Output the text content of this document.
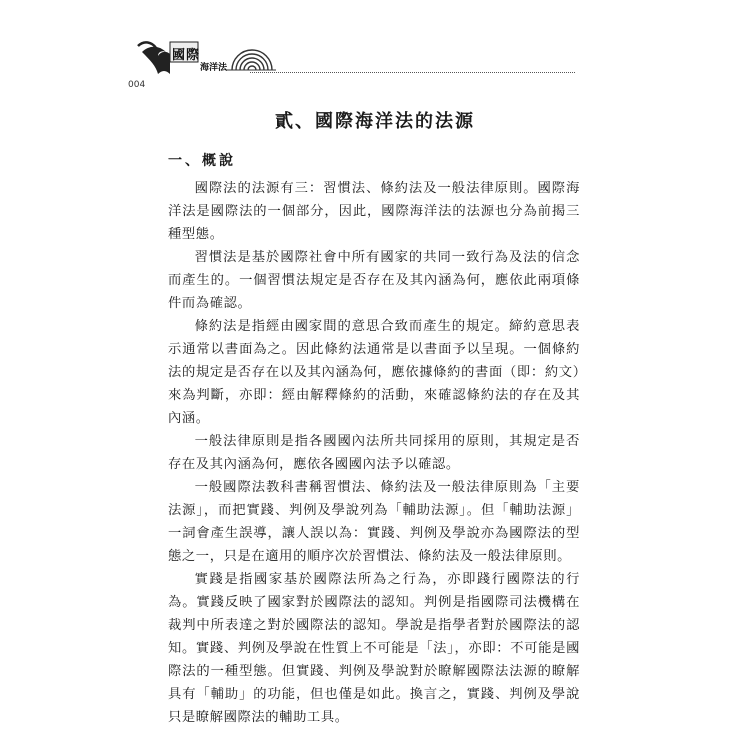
國際
海洋法
004
貳、國際海洋法的法源
一、概說

國際法的法源有三：習慣法、條約法及一般法律原則。國際海洋法是國際法的一個部分，因此，國際海洋法的法源也分為前揭三種型態。

習慣法是基於國際社會中所有國家的共同一致行為及法的信念而產生的。一個習慣法規定是否存在及其內涵為何，應依此兩項條件而為確認。

條約法是指經由國家間的意思合致而產生的規定。締約意思表示通常以書面為之。因此條約法通常是以書面予以呈現。一個條約法的規定是否存在以及其內涵為何，應依據條約的書面（即：約文）來為判斷，亦即：經由解釋條約的活動，來確認條約法的存在及其內涵。

一般法律原則是指各國國內法所共同採用的原則，其規定是否存在及其內涵為何，應依各國國內法予以確認。

一般國際法教科書稱習慣法、條約法及一般法律原則為「主要法源」，而把實踐、判例及學說列為「輔助法源」。但「輔助法源」一詞會產生誤導，讓人誤以為：實踐、判例及學說亦為國際法的型態之一，只是在適用的順序次於習慣法、條約法及一般法律原則。

實踐是指國家基於國際法所為之行為，亦即踐行國際法的行為。實踐反映了國家對於國際法的認知。判例是指國際司法機構在裁判中所表達之對於國際法的認知。學說是指學者對於國際法的認知。實踐、判例及學說在性質上不可能是「法」，亦即：不可能是國際法的一種型態。但實踐、判例及學說對於瞭解國際法法源的瞭解具有「輔助」的功能，但也僅是如此。換言之，實踐、判例及學說只是瞭解國際法的輔助工具。
